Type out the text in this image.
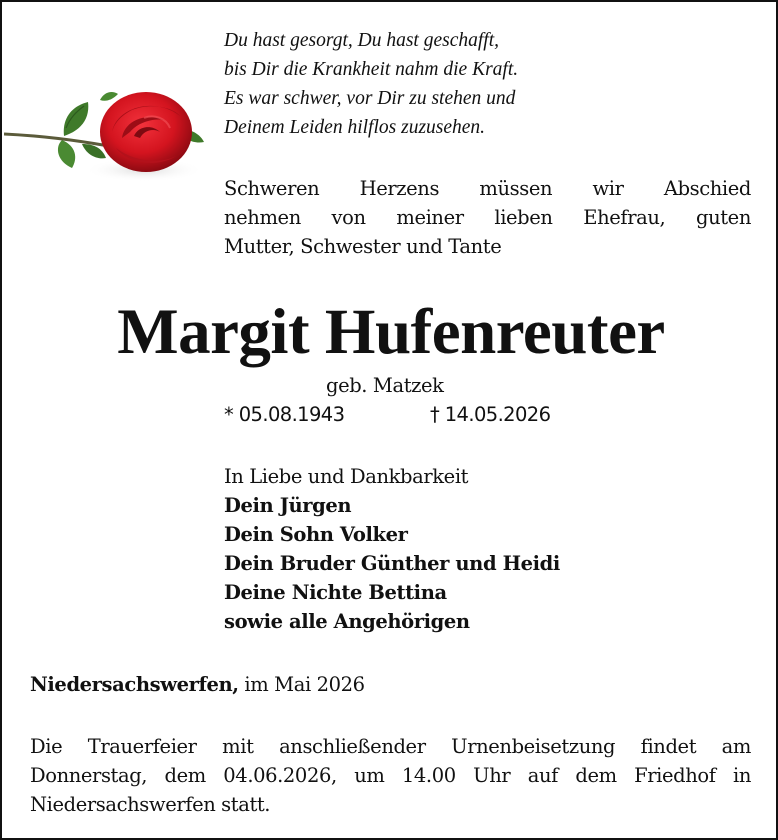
Du hast gesorgt, Du hast geschafft,
bis Dir die Krankheit nahm die Kraft.
Es war schwer, vor Dir zu stehen und
Deinem Leiden hilflos zuzusehen.
Schweren Herzens müssen wir Abschied
nehmen von meiner lieben Ehefrau, guten
Mutter, Schwester und Tante
Margit Hufenreuter
geb. Matzek
* 05.08.1943	† 14.05.2026
In Liebe und Dankbarkeit
Dein Jürgen
Dein Sohn Volker
Dein Bruder Günther und Heidi
Deine Nichte Bettina
sowie alle Angehörigen
Niedersachswerfen, im Mai 2026
Die Trauerfeier mit anschließender Urnenbeisetzung findet am
Donnerstag, dem 04.06.2026, um 14.00 Uhr auf dem Friedhof in
Niedersachswerfen statt.
